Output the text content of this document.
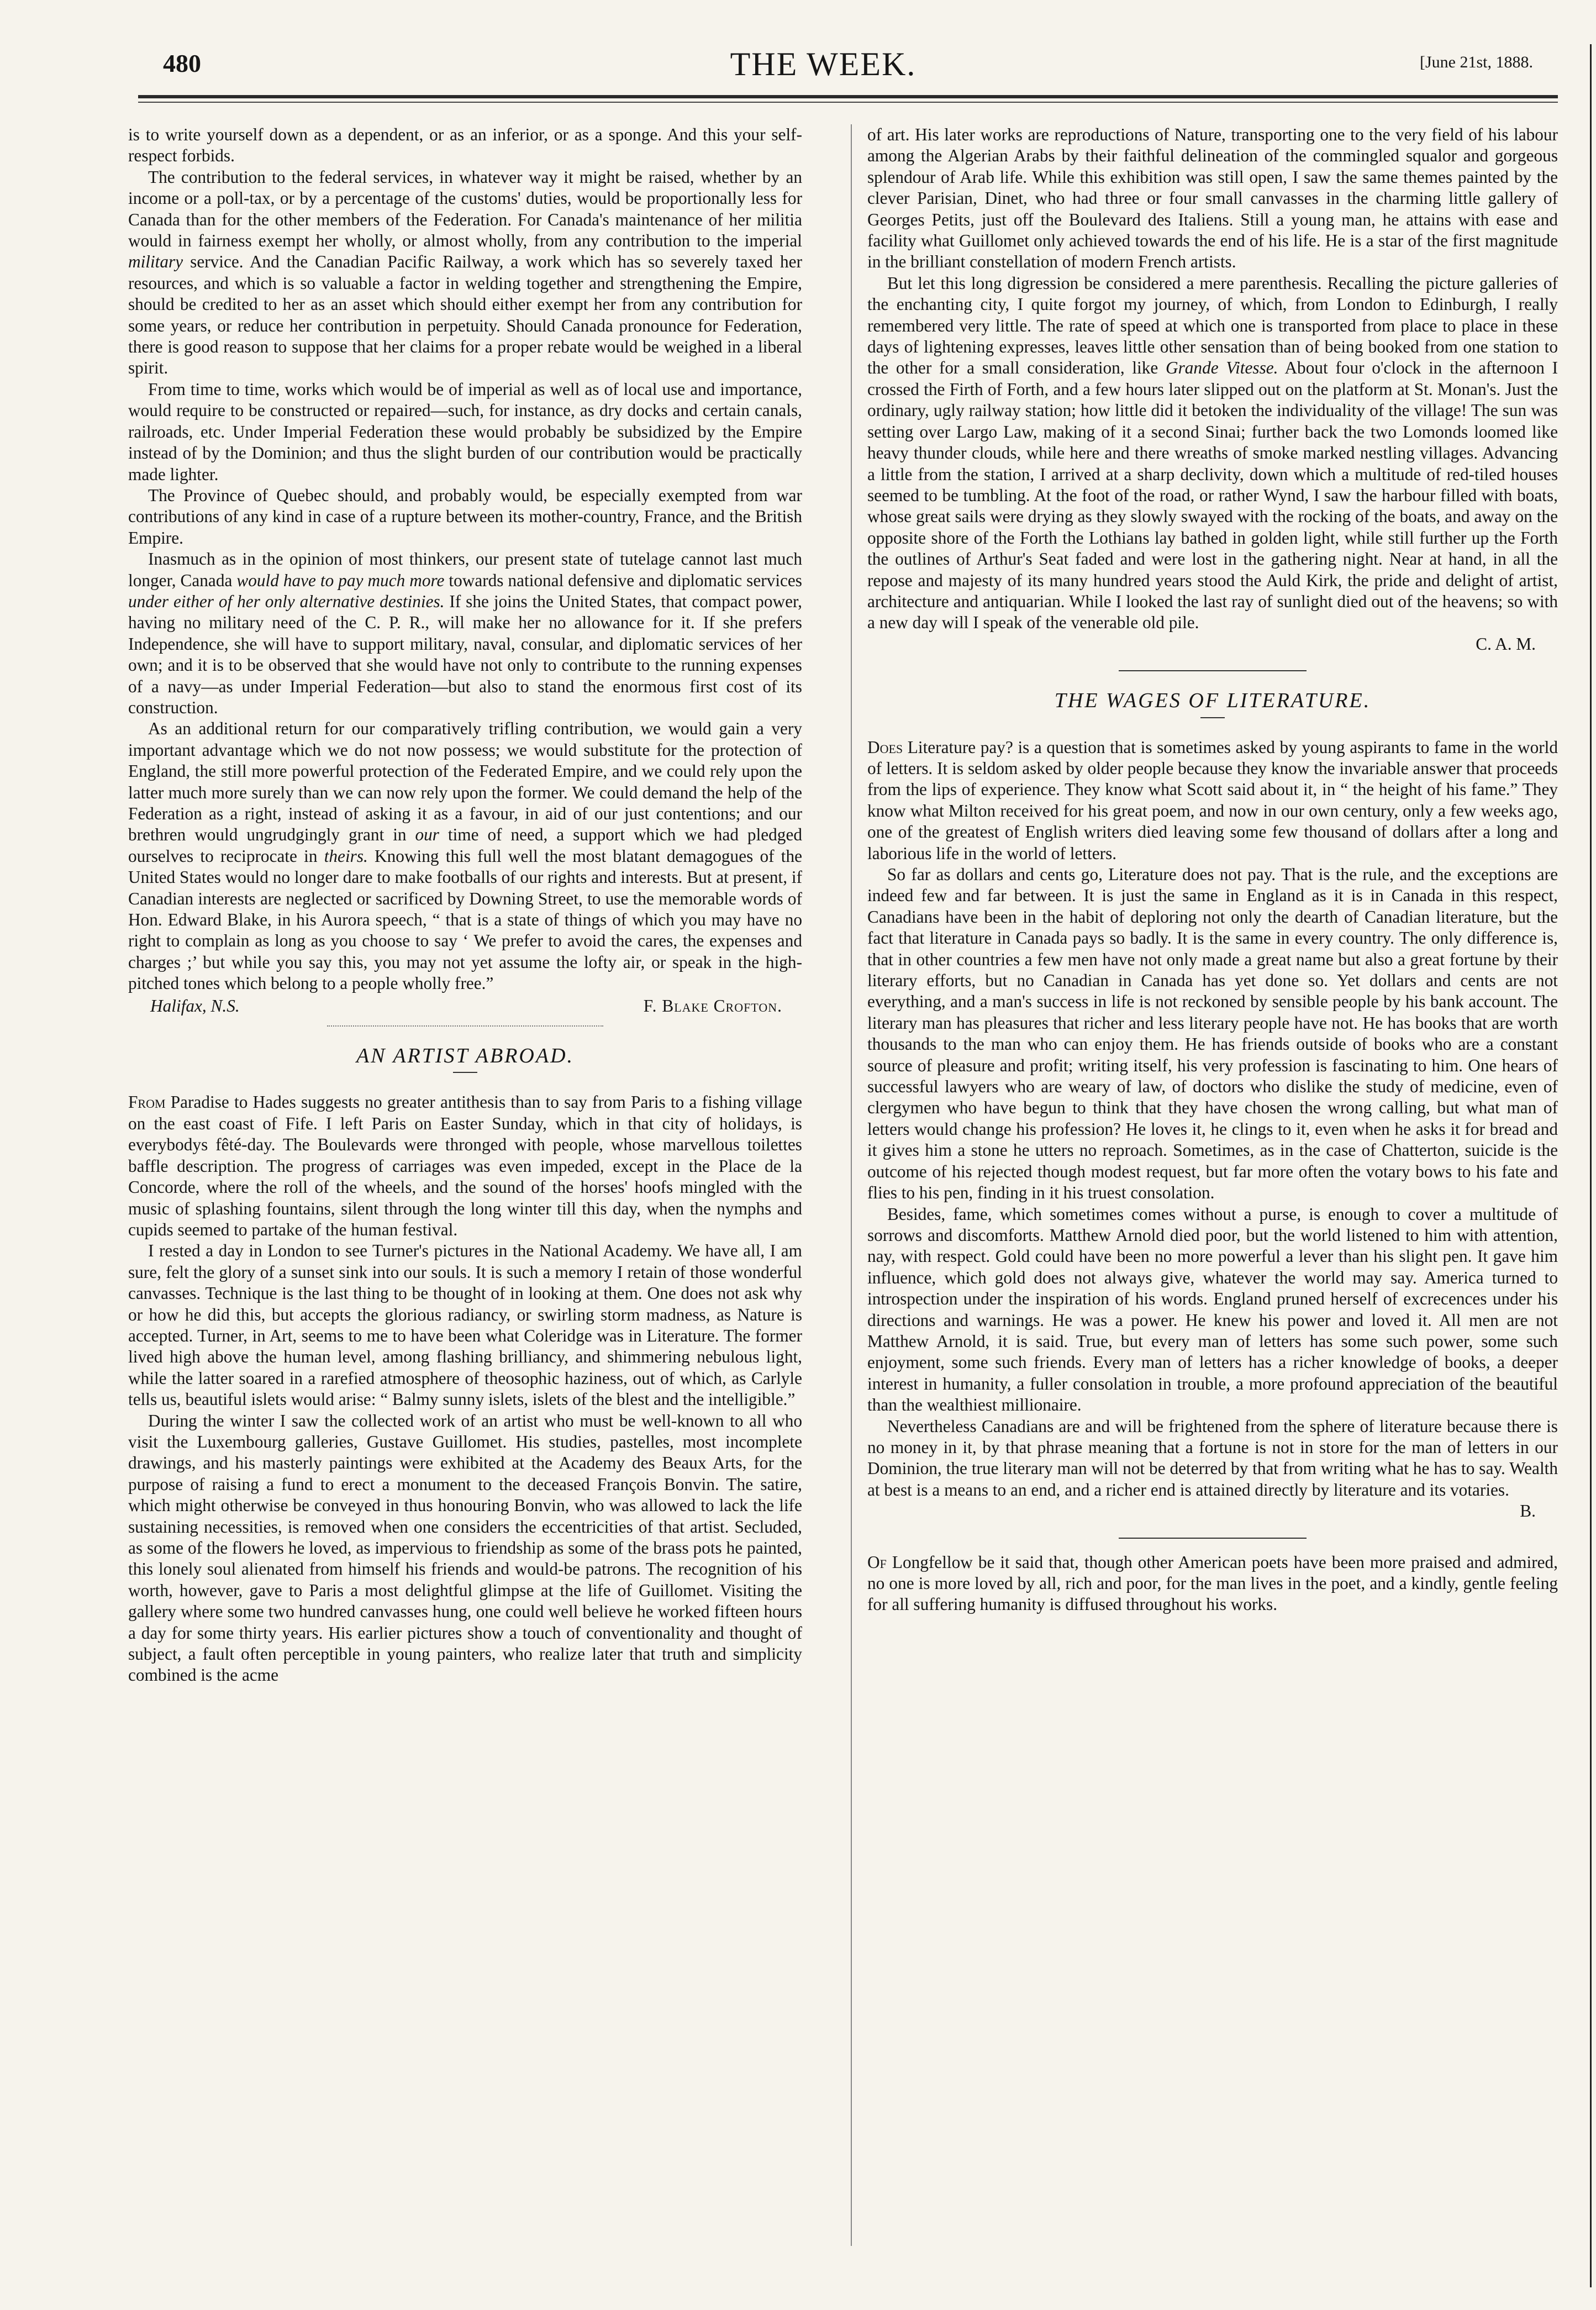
480	THE WEEK.	[June 21st, 1888.

is to write yourself down as a dependent, or as an inferior, or as a sponge. And this your self-respect forbids.

The contribution to the federal services, in whatever way it might be raised, whether by an income or a poll-tax, or by a percentage of the customs' duties, would be proportionally less for Canada than for the other members of the Federation. For Canada's maintenance of her militia would in fairness exempt her wholly, or almost wholly, from any contribution to the imperial military service. And the Canadian Pacific Railway, a work which has so severely taxed her resources, and which is so valuable a factor in welding together and strengthening the Empire, should be credited to her as an asset which should either exempt her from any contribution for some years, or reduce her contribution in perpetuity. Should Canada pronounce for Federation, there is good reason to suppose that her claims for a proper rebate would be weighed in a liberal spirit.

From time to time, works which would be of imperial as well as of local use and importance, would require to be constructed or repaired—such, for instance, as dry docks and certain canals, railroads, etc. Under Imperial Federation these would probably be subsidized by the Empire instead of by the Dominion; and thus the slight burden of our contribution would be practically made lighter.

The Province of Quebec should, and probably would, be especially exempted from war contributions of any kind in case of a rupture between its mother-country, France, and the British Empire.

Inasmuch as in the opinion of most thinkers, our present state of tutelage cannot last much longer, Canada would have to pay much more towards national defensive and diplomatic services under either of her only alternative destinies. If she joins the United States, that compact power, having no military need of the C. P. R., will make her no allowance for it. If she prefers Independence, she will have to support military, naval, consular, and diplomatic services of her own; and it is to be observed that she would have not only to contribute to the running expenses of a navy—as under Imperial Federation—but also to stand the enormous first cost of its construction.

As an additional return for our comparatively trifling contribution, we would gain a very important advantage which we do not now possess; we would substitute for the protection of England, the still more powerful protection of the Federated Empire, and we could rely upon the latter much more surely than we can now rely upon the former. We could demand the help of the Federation as a right, instead of asking it as a favour, in aid of our just contentions; and our brethren would ungrudgingly grant in our time of need, a support which we had pledged ourselves to reciprocate in theirs. Knowing this full well the most blatant demagogues of the United States would no longer dare to make footballs of our rights and interests. But at present, if Canadian interests are neglected or sacrificed by Downing Street, to use the memorable words of Hon. Edward Blake, in his Aurora speech, “ that is a state of things of which you may have no right to complain as long as you choose to say ‘ We prefer to avoid the cares, the expenses and charges ;’ but while you say this, you may not yet assume the lofty air, or speak in the high-pitched tones which belong to a people wholly free.”

Halifax, N.S.	F. Blake Crofton.
AN ARTIST ABROAD.

From Paradise to Hades suggests no greater antithesis than to say from Paris to a fishing village on the east coast of Fife. I left Paris on Easter Sunday, which in that city of holidays, is everybodys fêté-day. The Boulevards were thronged with people, whose marvellous toilettes baffle description. The progress of carriages was even impeded, except in the Place de la Concorde, where the roll of the wheels, and the sound of the horses' hoofs mingled with the music of splashing fountains, silent through the long winter till this day, when the nymphs and cupids seemed to partake of the human festival.

I rested a day in London to see Turner's pictures in the National Academy. We have all, I am sure, felt the glory of a sunset sink into our souls. It is such a memory I retain of those wonderful canvasses. Technique is the last thing to be thought of in looking at them. One does not ask why or how he did this, but accepts the glorious radiancy, or swirling storm madness, as Nature is accepted. Turner, in Art, seems to me to have been what Coleridge was in Literature. The former lived high above the human level, among flashing brilliancy, and shimmering nebulous light, while the latter soared in a rarefied atmosphere of theosophic haziness, out of which, as Carlyle tells us, beautiful islets would arise: “ Balmy sunny islets, islets of the blest and the intelligible.”

During the winter I saw the collected work of an artist who must be well-known to all who visit the Luxembourg galleries, Gustave Guillomet. His studies, pastelles, most incomplete drawings, and his masterly paintings were exhibited at the Academy des Beaux Arts, for the purpose of raising a fund to erect a monument to the deceased François Bonvin. The satire, which might otherwise be conveyed in thus honouring Bonvin, who was allowed to lack the life sustaining necessities, is removed when one considers the eccentricities of that artist. Secluded, as some of the flowers he loved, as impervious to friendship as some of the brass pots he painted, this lonely soul alienated from himself his friends and would-be patrons. The recognition of his worth, however, gave to Paris a most delightful glimpse at the life of Guillomet. Visiting the gallery where some two hundred canvasses hung, one could well believe he worked fifteen hours a day for some thirty years. His earlier pictures show a touch of conventionality and thought of subject, a fault often perceptible in young painters, who realize later that truth and simplicity combined is the acme

of art. His later works are reproductions of Nature, transporting one to the very field of his labour among the Algerian Arabs by their faithful delineation of the commingled squalor and gorgeous splendour of Arab life. While this exhibition was still open, I saw the same themes painted by the clever Parisian, Dinet, who had three or four small canvasses in the charming little gallery of Georges Petits, just off the Boulevard des Italiens. Still a young man, he attains with ease and facility what Guillomet only achieved towards the end of his life. He is a star of the first magnitude in the brilliant constellation of modern French artists.

But let this long digression be considered a mere parenthesis. Recalling the picture galleries of the enchanting city, I quite forgot my journey, of which, from London to Edinburgh, I really remembered very little. The rate of speed at which one is transported from place to place in these days of lightening expresses, leaves little other sensation than of being booked from one station to the other for a small consideration, like Grande Vitesse. About four o'clock in the afternoon I crossed the Firth of Forth, and a few hours later slipped out on the platform at St. Monan's. Just the ordinary, ugly railway station; how little did it betoken the individuality of the village! The sun was setting over Largo Law, making of it a second Sinai; further back the two Lomonds loomed like heavy thunder clouds, while here and there wreaths of smoke marked nestling villages. Advancing a little from the station, I arrived at a sharp declivity, down which a multitude of red-tiled houses seemed to be tumbling. At the foot of the road, or rather Wynd, I saw the harbour filled with boats, whose great sails were drying as they slowly swayed with the rocking of the boats, and away on the opposite shore of the Forth the Lothians lay bathed in golden light, while still further up the Forth the outlines of Arthur's Seat faded and were lost in the gathering night. Near at hand, in all the repose and majesty of its many hundred years stood the Auld Kirk, the pride and delight of artist, architecture and antiquarian. While I looked the last ray of sunlight died out of the heavens; so with a new day will I speak of the venerable old pile.

C. A. M.
THE WAGES OF LITERATURE.

Does Literature pay? is a question that is sometimes asked by young aspirants to fame in the world of letters. It is seldom asked by older people because they know the invariable answer that proceeds from the lips of experience. They know what Scott said about it, in “ the height of his fame.” They know what Milton received for his great poem, and now in our own century, only a few weeks ago, one of the greatest of English writers died leaving some few thousand of dollars after a long and laborious life in the world of letters.

So far as dollars and cents go, Literature does not pay. That is the rule, and the exceptions are indeed few and far between. It is just the same in England as it is in Canada in this respect, Canadians have been in the habit of deploring not only the dearth of Canadian literature, but the fact that literature in Canada pays so badly. It is the same in every country. The only difference is, that in other countries a few men have not only made a great name but also a great fortune by their literary efforts, but no Canadian in Canada has yet done so. Yet dollars and cents are not everything, and a man's success in life is not reckoned by sensible people by his bank account. The literary man has pleasures that richer and less literary people have not. He has books that are worth thousands to the man who can enjoy them. He has friends outside of books who are a constant source of pleasure and profit; writing itself, his very profession is fascinating to him. One hears of successful lawyers who are weary of law, of doctors who dislike the study of medicine, even of clergymen who have begun to think that they have chosen the wrong calling, but what man of letters would change his profession? He loves it, he clings to it, even when he asks it for bread and it gives him a stone he utters no reproach. Sometimes, as in the case of Chatterton, suicide is the outcome of his rejected though modest request, but far more often the votary bows to his fate and flies to his pen, finding in it his truest consolation.

Besides, fame, which sometimes comes without a purse, is enough to cover a multitude of sorrows and discomforts. Matthew Arnold died poor, but the world listened to him with attention, nay, with respect. Gold could have been no more powerful a lever than his slight pen. It gave him influence, which gold does not always give, whatever the world may say. America turned to introspection under the inspiration of his words. England pruned herself of excrecences under his directions and warnings. He was a power. He knew his power and loved it. All men are not Matthew Arnold, it is said. True, but every man of letters has some such power, some such enjoyment, some such friends. Every man of letters has a richer knowledge of books, a deeper interest in humanity, a fuller consolation in trouble, a more profound appreciation of the beautiful than the wealthiest millionaire.

Nevertheless Canadians are and will be frightened from the sphere of literature because there is no money in it, by that phrase meaning that a fortune is not in store for the man of letters in our Dominion, the true literary man will not be deterred by that from writing what he has to say. Wealth at best is a means to an end, and a richer end is attained directly by literature and its votaries.

B.

Of Longfellow be it said that, though other American poets have been more praised and admired, no one is more loved by all, rich and poor, for the man lives in the poet, and a kindly, gentle feeling for all suffering humanity is diffused throughout his works.
